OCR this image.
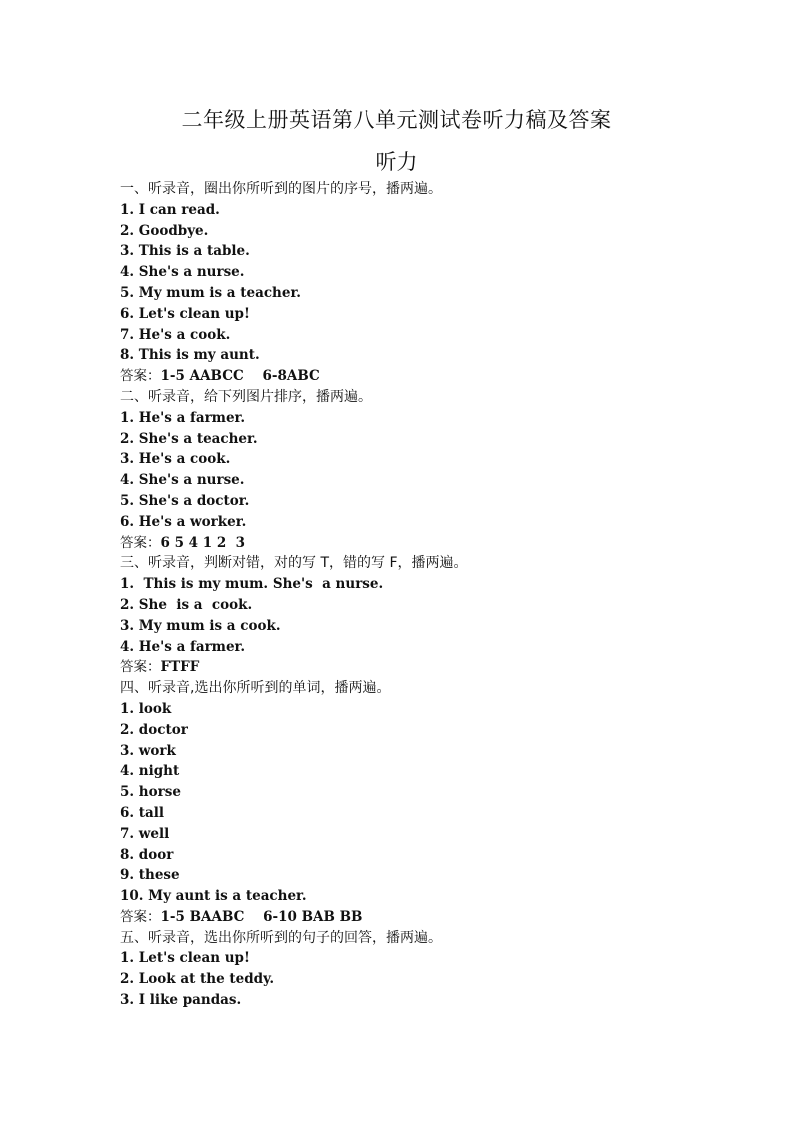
二年级上册英语第八单元测试卷听力稿及答案
听力
一、听录音，圈出你所听到的图片的序号，播两遍。
1. I can read.
2. Goodbye.
3. This is a table.
4. She's a nurse.
5. My mum is a teacher.
6. Let's clean up!
7. He's a cook.
8. This is my aunt.
答案：1-5 AABCC    6-8ABC
二、听录音，给下列图片排序，播两遍。
1. He's a farmer.
2. She's a teacher.
3. He's a cook.
4. She's a nurse.
5. She's a doctor.
6. He's a worker.
答案：6 5 4 1 2  3
三、听录音，判断对错，对的写 T，错的写 F，播两遍。
1.  This is my mum. She's  a nurse.
2. She  is a  cook.
3. My mum is a cook.
4. He's a farmer.
答案：FTFF
四、听录音,选出你所听到的单词，播两遍。
1. look
2. doctor
3. work
4. night
5. horse
6. tall
7. well
8. door
9. these
10. My aunt is a teacher.
答案：1-5 BAABC    6-10 BAB BB
五、听录音，选出你所听到的句子的回答，播两遍。
1. Let's clean up!
2. Look at the teddy.
3. I like pandas.
